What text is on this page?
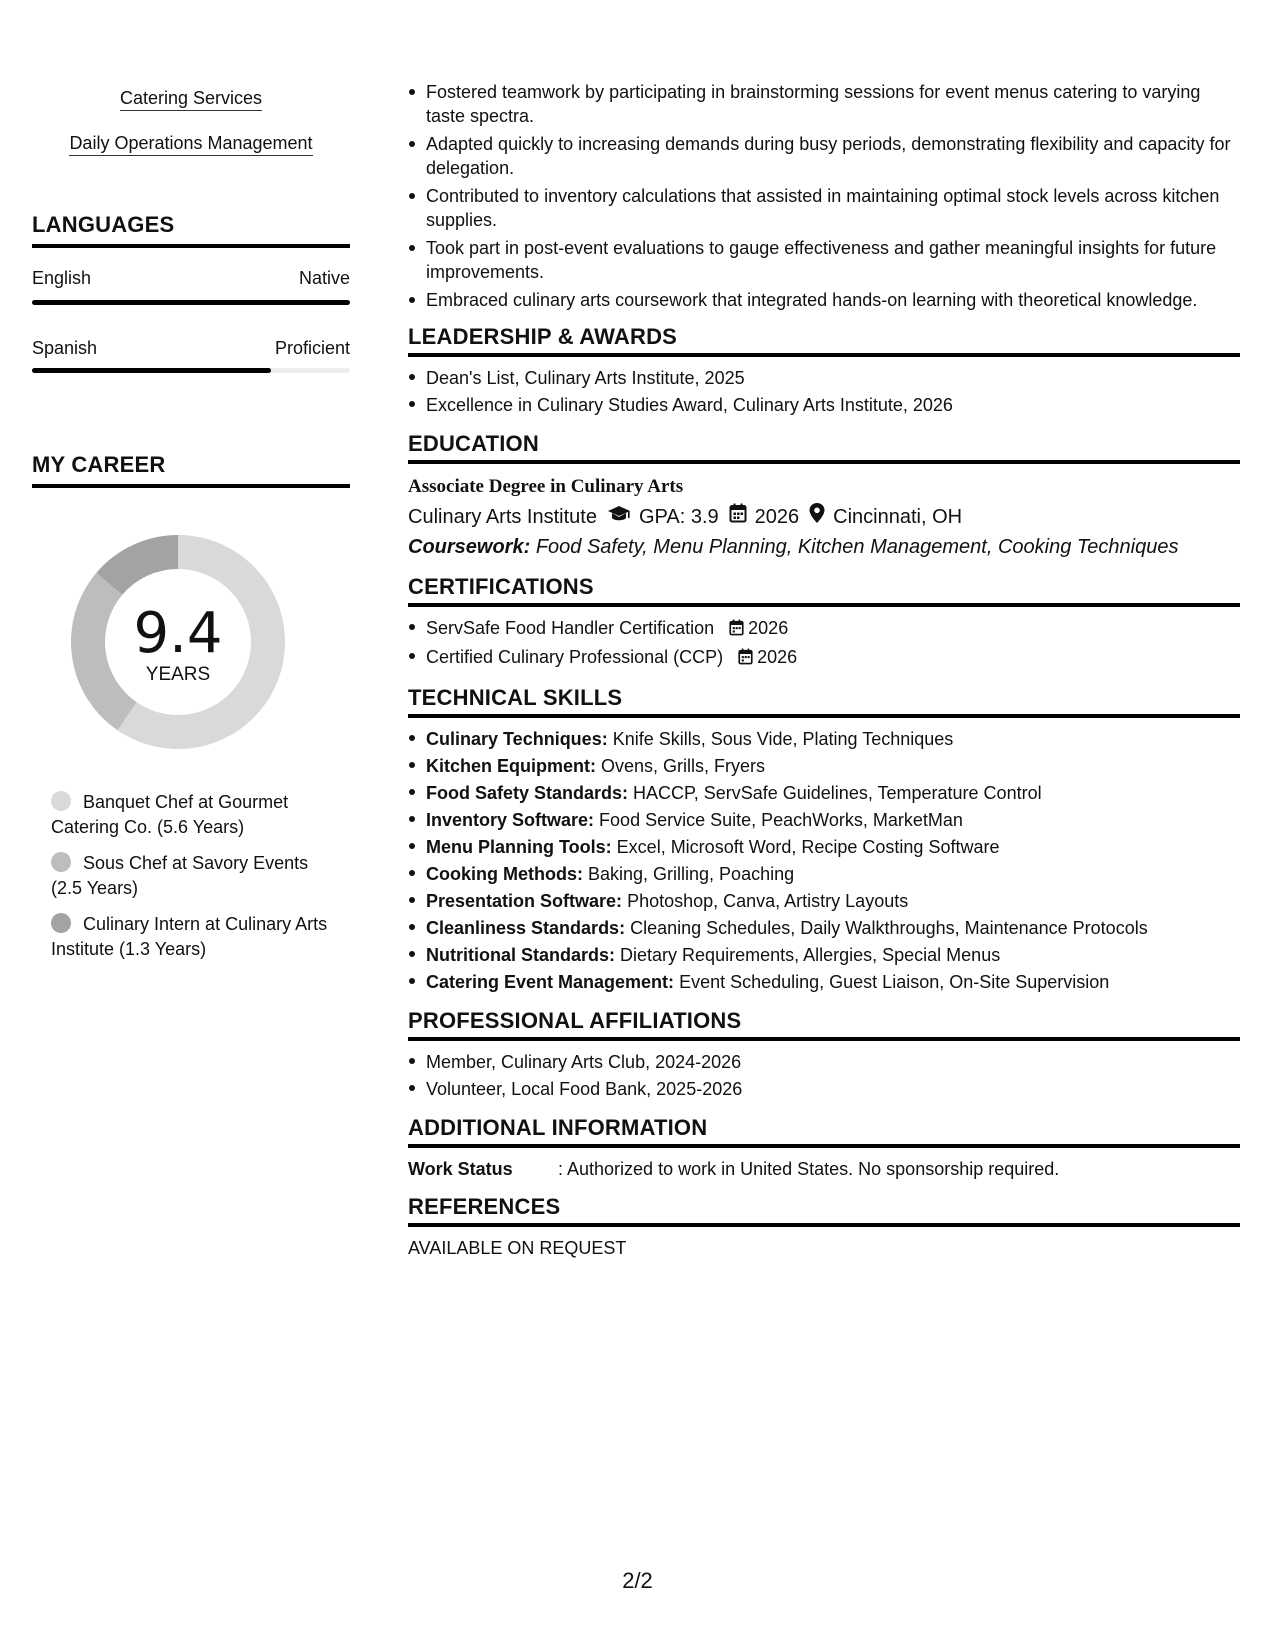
Catering Services
Daily Operations Management
LANGUAGES
English	Native
Spanish	Proficient
MY CAREER
9.4
YEARS
Banquet Chef at Gourmet Catering Co. (5.6 Years)
Sous Chef at Savory Events (2.5 Years)
Culinary Intern at Culinary Arts Institute (1.3 Years)
Fostered teamwork by participating in brainstorming sessions for event menus catering to varying taste spectra.
Adapted quickly to increasing demands during busy periods, demonstrating flexibility and capacity for delegation.
Contributed to inventory calculations that assisted in maintaining optimal stock levels across kitchen supplies.
Took part in post-event evaluations to gauge effectiveness and gather meaningful insights for future improvements.
Embraced culinary arts coursework that integrated hands-on learning with theoretical knowledge.
LEADERSHIP & AWARDS
Dean's List, Culinary Arts Institute, 2025
Excellence in Culinary Studies Award, Culinary Arts Institute, 2026
EDUCATION
Associate Degree in Culinary Arts
Culinary Arts Institute GPA: 3.9 2026 Cincinnati, OH
Coursework: Food Safety, Menu Planning, Kitchen Management, Cooking Techniques
CERTIFICATIONS
ServSafe Food Handler Certification 2026
Certified Culinary Professional (CCP) 2026
TECHNICAL SKILLS
Culinary Techniques: Knife Skills, Sous Vide, Plating Techniques
Kitchen Equipment: Ovens, Grills, Fryers
Food Safety Standards: HACCP, ServSafe Guidelines, Temperature Control
Inventory Software: Food Service Suite, PeachWorks, MarketMan
Menu Planning Tools: Excel, Microsoft Word, Recipe Costing Software
Cooking Methods: Baking, Grilling, Poaching
Presentation Software: Photoshop, Canva, Artistry Layouts
Cleanliness Standards: Cleaning Schedules, Daily Walkthroughs, Maintenance Protocols
Nutritional Standards: Dietary Requirements, Allergies, Special Menus
Catering Event Management: Event Scheduling, Guest Liaison, On-Site Supervision
PROFESSIONAL AFFILIATIONS
Member, Culinary Arts Club, 2024-2026
Volunteer, Local Food Bank, 2025-2026
ADDITIONAL INFORMATION
Work Status	: Authorized to work in United States. No sponsorship required.
REFERENCES
AVAILABLE ON REQUEST
2/2
